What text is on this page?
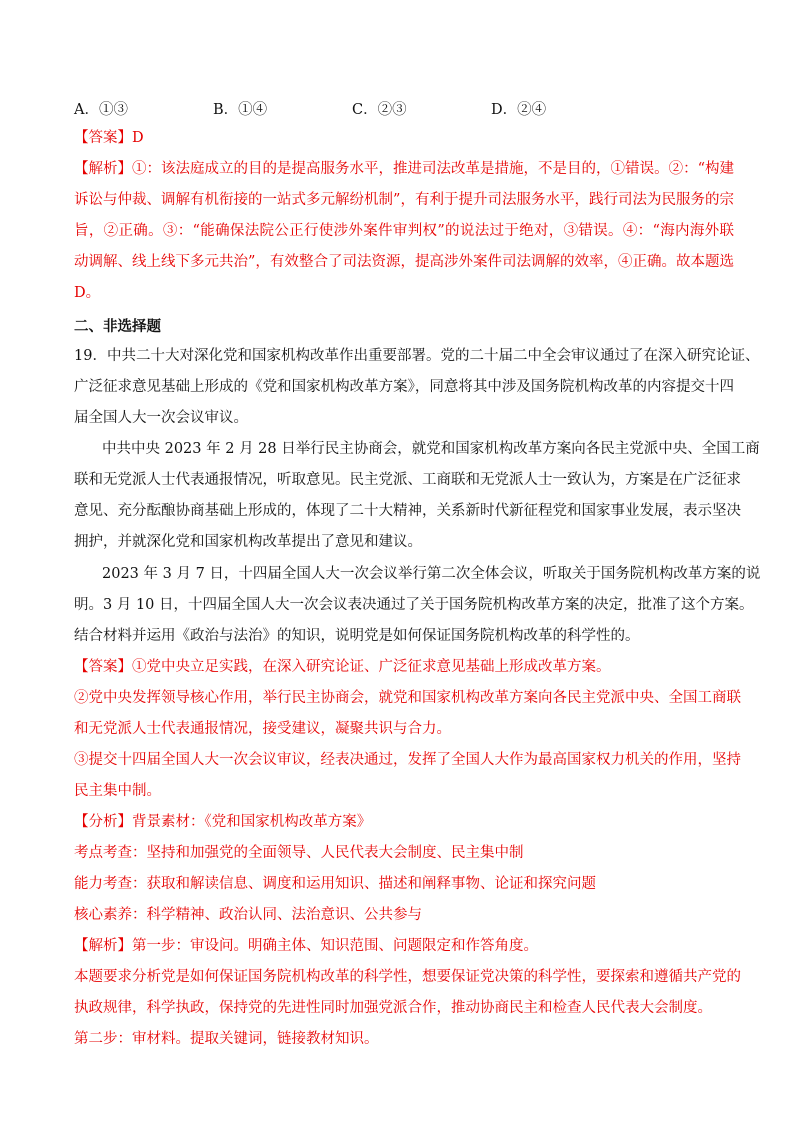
A．①③	B．①④	C．②③	D．②④
【答案】D
【解析】①：该法庭成立的目的是提高服务水平，推进司法改革是措施，不是目的，①错误。②：“构建
诉讼与仲裁、调解有机衔接的一站式多元解纷机制”，有利于提升司法服务水平，践行司法为民服务的宗
旨，②正确。③：“能确保法院公正行使涉外案件审判权”的说法过于绝对，③错误。④：“海内海外联
动调解、线上线下多元共治”，有效整合了司法资源，提高涉外案件司法调解的效率，④正确。故本题选
D。
二、非选择题
19．中共二十大对深化党和国家机构改革作出重要部署。党的二十届二中全会审议通过了在深入研究论证、
广泛征求意见基础上形成的《党和国家机构改革方案》，同意将其中涉及国务院机构改革的内容提交十四
届全国人大一次会议审议。
中共中央 2023 年 2 月 28 日举行民主协商会，就党和国家机构改革方案向各民主党派中央、全国工商
联和无党派人士代表通报情况，听取意见。民主党派、工商联和无党派人士一致认为，方案是在广泛征求
意见、充分酝酿协商基础上形成的，体现了二十大精神，关系新时代新征程党和国家事业发展，表示坚决
拥护，并就深化党和国家机构改革提出了意见和建议。
2023 年 3 月 7 日，十四届全国人大一次会议举行第二次全体会议，听取关于国务院机构改革方案的说
明。3 月 10 日，十四届全国人大一次会议表决通过了关于国务院机构改革方案的决定，批准了这个方案。
结合材料并运用《政治与法治》的知识，说明党是如何保证国务院机构改革的科学性的。
【答案】①党中央立足实践，在深入研究论证、广泛征求意见基础上形成改革方案。
②党中央发挥领导核心作用，举行民主协商会，就党和国家机构改革方案向各民主党派中央、全国工商联
和无党派人士代表通报情况，接受建议，凝聚共识与合力。
③提交十四届全国人大一次会议审议，经表决通过，发挥了全国人大作为最高国家权力机关的作用，坚持
民主集中制。
【分析】背景素材：《党和国家机构改革方案》
考点考查：坚持和加强党的全面领导、人民代表大会制度、民主集中制
能力考查：获取和解读信息、调度和运用知识、描述和阐释事物、论证和探究问题
核心素养：科学精神、政治认同、法治意识、公共参与
【解析】第一步：审设问。明确主体、知识范围、问题限定和作答角度。
本题要求分析党是如何保证国务院机构改革的科学性，想要保证党决策的科学性，要探索和遵循共产党的
执政规律，科学执政，保持党的先进性同时加强党派合作，推动协商民主和检查人民代表大会制度。
第二步：审材料。提取关键词，链接教材知识。
